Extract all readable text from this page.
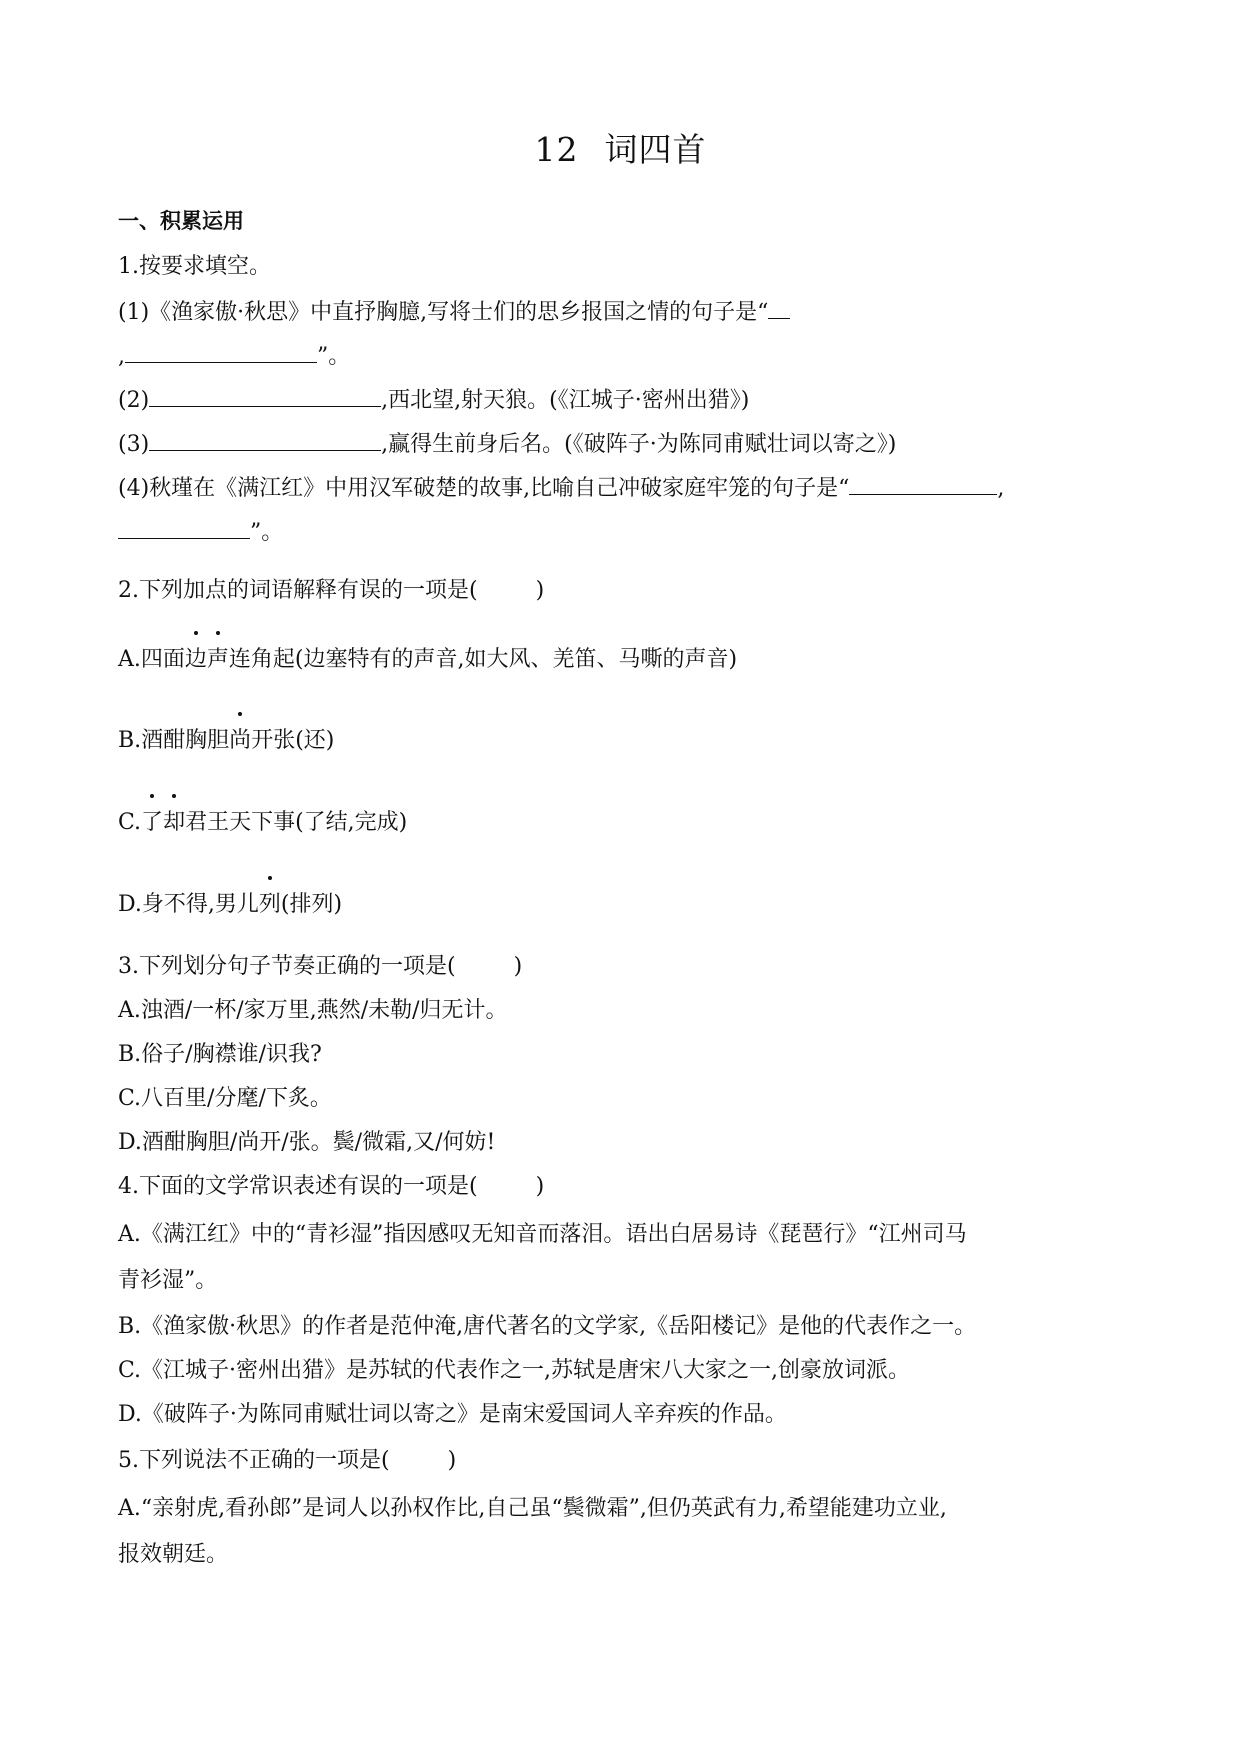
12 词四首
一、积累运用
1.按要求填空。
(1)《渔家傲·秋思》中直抒胸臆,写将士们的思乡报国之情的句子是“
,	”。
(2)	,西北望,射天狼。(《江城子·密州出猎》)
(3)	,赢得生前身后名。(《破阵子·为陈同甫赋壮词以寄之》)
(4)秋瑾在《满江红》中用汉军破楚的故事,比喻自己冲破家庭牢笼的句子是“	,
”。
2.下列加点的词语解释有误的一项是(	)
A.四面边声连角起(边塞特有的声音,如大风、羌笛、马嘶的声音)
B.酒酣胸胆尚开张(还)
C.了却君王天下事(了结,完成)
D.身不得,男儿列(排列)
3.下列划分句子节奏正确的一项是(	)
A.浊酒/一杯/家万里,燕然/未勒/归无计。
B.俗子/胸襟谁/识我?
C.八百里/分麾/下炙。
D.酒酣胸胆/尚开/张。鬓/微霜,又/何妨!
4.下面的文学常识表述有误的一项是(	)
A.《满江红》中的“青衫湿”指因感叹无知音而落泪。语出白居易诗《琵琶行》“江州司马
青衫湿”。
B.《渔家傲·秋思》的作者是范仲淹,唐代著名的文学家,《岳阳楼记》是他的代表作之一。
C.《江城子·密州出猎》是苏轼的代表作之一,苏轼是唐宋八大家之一,创豪放词派。
D.《破阵子·为陈同甫赋壮词以寄之》是南宋爱国词人辛弃疾的作品。
5.下列说法不正确的一项是(	)
A.“亲射虎,看孙郎”是词人以孙权作比,自己虽“鬓微霜”,但仍英武有力,希望能建功立业,
报效朝廷。
